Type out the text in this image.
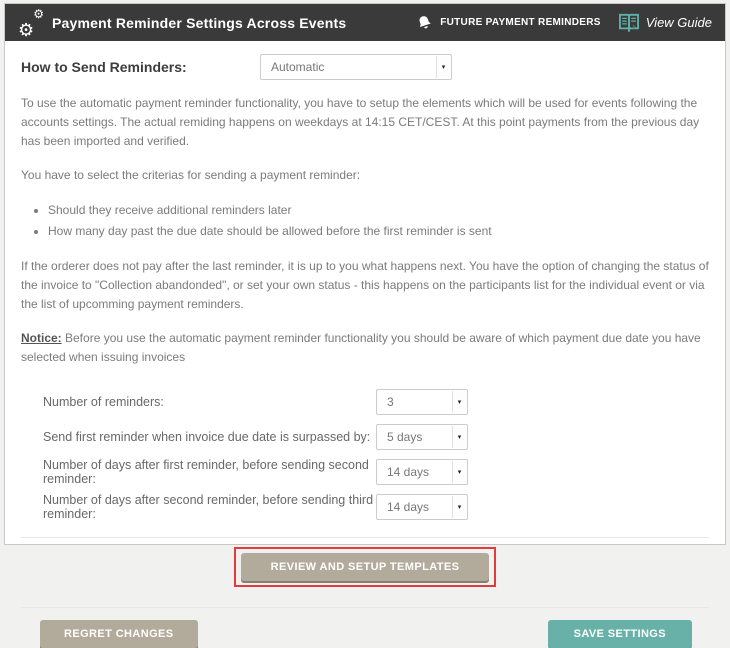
⚙
⚙
Payment Reminder Settings Across Events	FUTURE PAYMENT REMINDERS	View Guide
How to Send Reminders:	Automatic	▾

To use the automatic payment reminder functionality, you have to setup the elements which will be used for events following the accounts settings. The actual remiding happens on weekdays at 14:15 CET/CEST. At this point payments from the previous day has been imported and verified.

You have to select the criterias for sending a payment reminder:

• Should they receive additional reminders later
• How many day past the due date should be allowed before the first reminder is sent

If the orderer does not pay after the last reminder, it is up to you what happens next. You have the option of changing the status of the invoice to "Collection abandonded", or set your own status - this happens on the participants list for the individual event or via the list of upcomming payment reminders.

Notice: Before you use the automatic payment reminder functionality you should be aware of which payment due date you have selected when issuing invoices

Number of reminders:	3	▾
Send first reminder when invoice due date is surpassed by:	5 days	▾
Number of days after first reminder, before sending second reminder:	14 days	▾
Number of days after second reminder, before sending third reminder:	14 days	▾
REVIEW AND SETUP TEMPLATES
REGRET CHANGES	SAVE SETTINGS
